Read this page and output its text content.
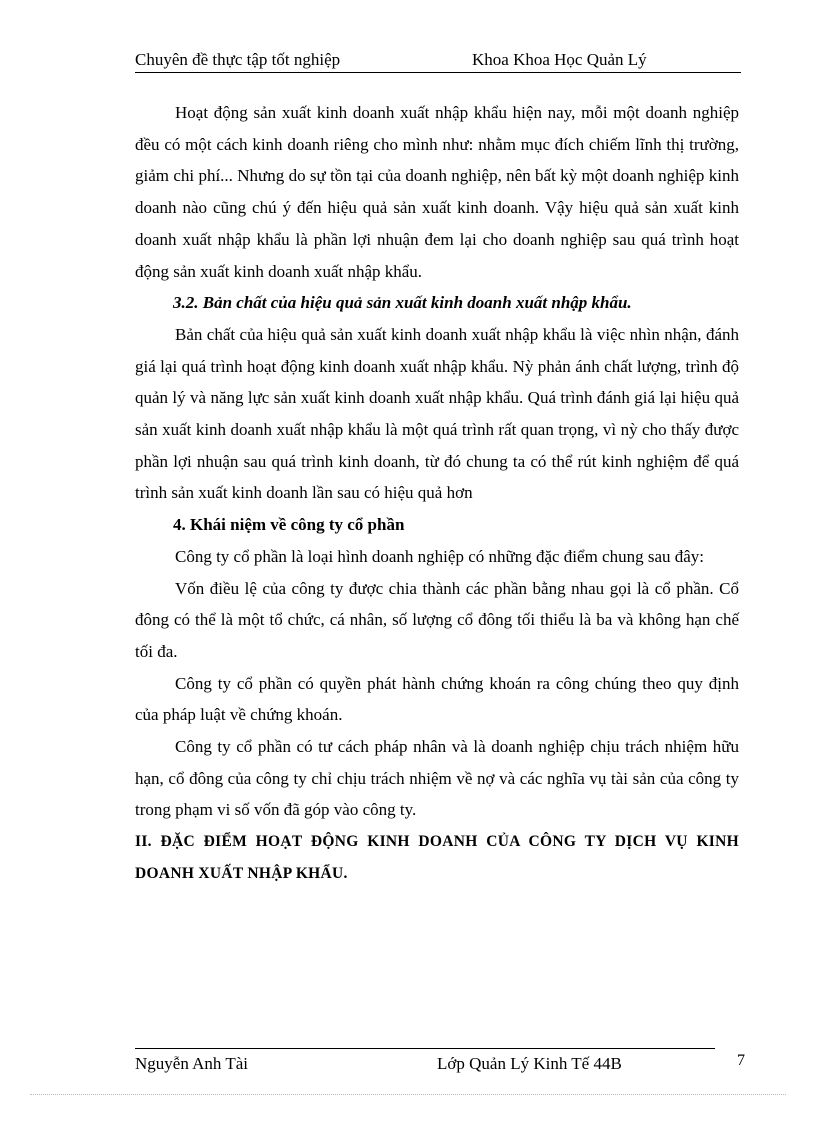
Chuyên đề thực tập tốt nghiệp	Khoa Khoa Học Quản Lý

Hoạt động sản xuất kinh doanh xuất nhập khẩu hiện nay, mỗi một doanh nghiệp đều có một cách kinh doanh riêng cho mình như: nhằm mục đích chiếm lĩnh thị trường, giảm chi phí... Nhưng do sự tồn tại của doanh nghiệp, nên bất kỳ một doanh nghiệp kinh doanh nào cũng chú ý đến hiệu quả sản xuất kinh doanh. Vậy hiệu quả sản xuất kinh doanh xuất nhập khẩu là phần lợi nhuận đem lại cho doanh nghiệp sau quá trình hoạt động sản xuất kinh doanh xuất nhập khẩu.

3.2. Bản chất của hiệu quả sản xuất kinh doanh xuất nhập khẩu.

Bản chất của hiệu quả sản xuất kinh doanh xuất nhập khẩu là việc nhìn nhận, đánh giá lại quá trình hoạt động kinh doanh xuất nhập khẩu. Nỳ phản ánh chất lượng, trình độ quản lý và năng lực sản xuất kinh doanh xuất nhập khẩu. Quá trình đánh giá lại hiệu quả sản xuất kinh doanh xuất nhập khẩu là một quá trình rất quan trọng, vì nỳ cho thấy được phần lợi nhuận sau quá trình kinh doanh, từ đó chung ta có thể rút kinh nghiệm để quá trình sản xuất kinh doanh lần sau có hiệu quả hơn

4. Khái niệm về công ty cổ phần

Công ty cổ phần là loại hình doanh nghiệp có những đặc điểm chung sau đây:

Vốn điều lệ của công ty được chia thành các phần bằng nhau gọi là cổ phần. Cổ đông có thể là một tổ chức, cá nhân, số lượng cổ đông tối thiểu là ba và không hạn chế tối đa.

Công ty cổ phần có quyền phát hành chứng khoán ra công chúng theo quy định của pháp luật về chứng khoán.

Công ty cổ phần có tư cách pháp nhân và là doanh nghiệp chịu trách nhiệm hữu hạn, cổ đông của công ty chỉ chịu trách nhiệm về nợ và các nghĩa vụ tài sản của công ty trong phạm vi số vốn đã góp vào công ty.

II. ĐẶC ĐIỂM HOẠT ĐỘNG KINH DOANH CỦA CÔNG TY DỊCH VỤ KINH DOANH XUẤT NHẬP KHẨU.

Nguyễn Anh Tài	Lớp Quản Lý Kinh Tế 44B	7
